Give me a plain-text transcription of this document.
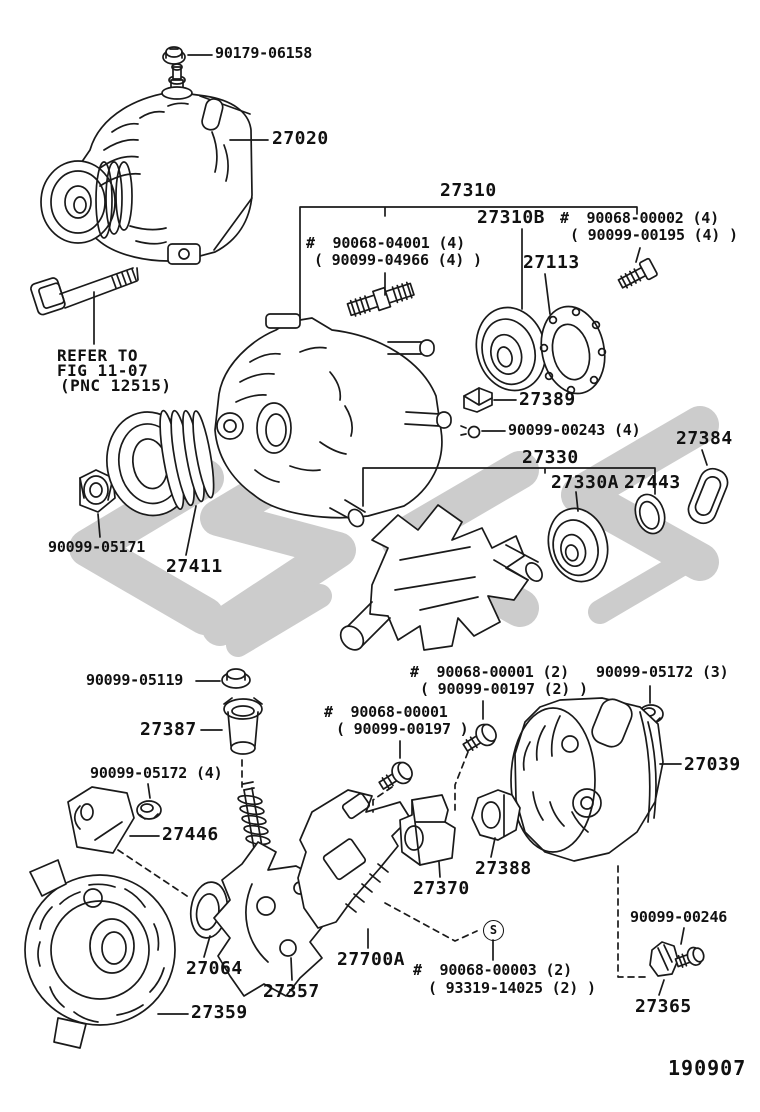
90179-06158
27020
27310
27310B #  90068-00002 (4)
( 90099-00195 (4) )
#  90068-04001 (4)
( 90099-04966 (4) ) 27113
REFER TO
FIG 11-07
(PNC 12515)
27389
90099-00243 (4)
27330
27330A 27443
27384
90099-05171
27411
90099-05119	#  90068-00001 (2)
( 90099-00197 (2) )
90099-05172 (3)
27387
#  90068-00001
( 90099-00197 )
27039
90099-05172 (4)
27446
27388
27370
27064	27700A
27357
27359
#  90068-00003 (2)
( 93319-14025 (2) )
90099-00246
27365
S
190907
